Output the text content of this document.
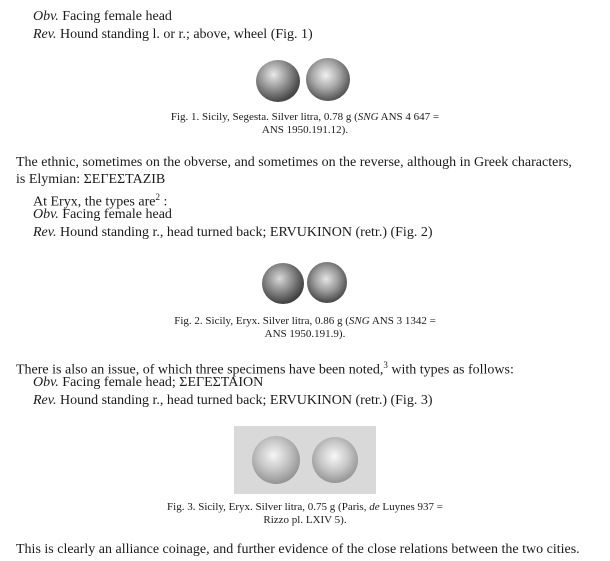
Obv. Facing female head
Rev. Hound standing l. or r.; above, wheel (Fig. 1)
Fig. 1. Sicily, Segesta. Silver litra, 0.78 g (SNG ANS 4 647 =
ANS 1950.191.12).
The ethnic, sometimes on the obverse, and sometimes on the reverse, although in Greek characters,
is Elymian: ΣΕΓΕΣΤΑΖΙΒ
At Eryx, the types are$^2$ :
Obv. Facing female head
Rev. Hound standing r., head turned back; ERVUKINON (retr.) (Fig. 2)
Fig. 2. Sicily, Eryx. Silver litra, 0.86 g (SNG ANS 3 1342 =
ANS 1950.191.9).
There is also an issue, of which three specimens have been noted,$^3$ with types as follows:
Obv. Facing female head; ΣΕΓΕΣΤΑΙΟΝ
Rev. Hound standing r., head turned back; ERVUKINON (retr.) (Fig. 3)
Fig. 3. Sicily, Eryx. Silver litra, 0.75 g (Paris, de Luynes 937 =
Rizzo pl. LXIV 5).
This is clearly an alliance coinage, and further evidence of the close relations between the two cities.
